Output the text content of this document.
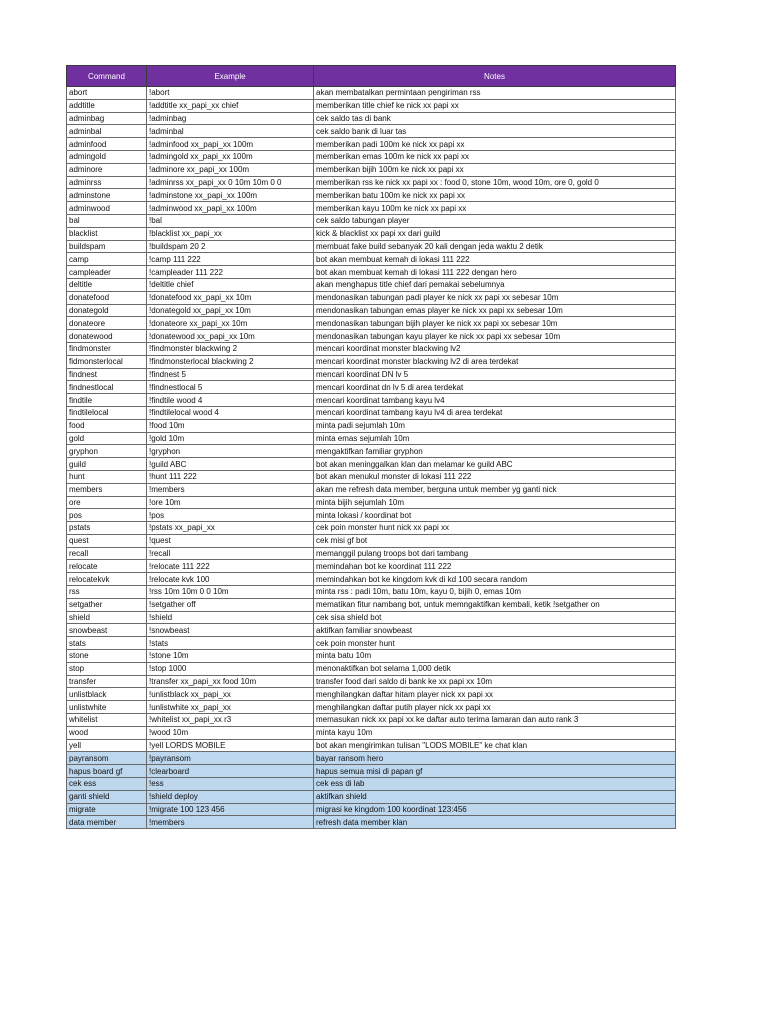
Command	Example	Notes
abort	!abort	akan membatalkan permintaan pengiriman rss
addtitle	!addtitle xx_papi_xx chief	memberikan title chief ke nick xx papi xx
adminbag	!adminbag	cek saldo tas di bank
adminbal	!adminbal	cek saldo bank di luar tas
adminfood	!adminfood xx_papi_xx 100m	memberikan padi 100m ke nick xx papi xx
admingold	!admingold xx_papi_xx 100m	memberikan emas 100m ke nick xx papi xx
adminore	!adminore xx_papi_xx 100m	memberikan bijih 100m ke nick xx papi xx
adminrss	!adminrss xx_papi_xx 0 10m 10m 0 0	memberikan rss ke nick xx papi xx : food 0, stone 10m, wood 10m, ore 0, gold 0
adminstone	!adminstone xx_papi_xx 100m	memberikan batu 100m ke nick xx papi xx
adminwood	!adminwood xx_papi_xx 100m	memberikan kayu 100m ke nick xx papi xx
bal	!bal	cek saldo tabungan player
blacklist	!blacklist xx_papi_xx	kick & blacklist xx papi xx dari guild
buildspam	!buildspam 20 2	membuat fake build sebanyak 20 kali dengan jeda waktu 2 detik
camp	!camp 111 222	bot akan membuat kemah di lokasi 111 222
campleader	!campleader 111 222	bot akan membuat kemah di lokasi 111 222 dengan hero
deltitle	!deltitle chief	akan menghapus title chief dari pemakai sebelumnya
donatefood	!donatefood xx_papi_xx 10m	mendonasikan tabungan padi player ke nick xx papi xx sebesar 10m
donategold	!donategold xx_papi_xx 10m	mendonasikan tabungan emas player ke nick xx papi xx sebesar 10m
donateore	!donateore xx_papi_xx 10m	mendonasikan tabungan bijih player ke nick xx papi xx sebesar 10m
donatewood	!donatewood xx_papi_xx 10m	mendonasikan tabungan kayu player ke nick xx papi xx sebesar 10m
findmonster	!findmonster blackwing 2	mencari koordinat monster blackwing lv2
fidmonsterlocal	!findmonsterlocal blackwing 2	mencari koordinat monster blackwing lv2 di area terdekat
findnest	!findnest 5	mencari koordinat DN lv 5
findnestlocal	!findnestlocal 5	mencari koordinat dn lv 5 di area terdekat
findtile	!findtile wood 4	mencari koordinat tambang kayu lv4
findtilelocal	!findtilelocal wood 4	mencari koordinat tambang kayu lv4 di area terdekat
food	!food 10m	minta padi sejumlah 10m
gold	!gold 10m	minta emas sejumlah 10m
gryphon	!gryphon	mengaktifkan familiar gryphon
guild	!guild ABC	bot akan meninggalkan klan dan melamar ke guild ABC
hunt	!hunt 111 222	bot akan menukul monster di lokasi 111 222
members	!members	akan me refresh data member, berguna untuk member yg ganti nick
ore	!ore 10m	minta bijih sejumlah 10m
pos	!pos	minta lokasi / koordinat bot
pstats	!pstats xx_papi_xx	cek poin monster hunt nick xx papi xx
quest	!quest	cek misi gf bot
recall	!recall	memanggil pulang troops bot dari tambang
relocate	!relocate 111 222	memindahan bot ke koordinat 111 222
relocatekvk	!relocate kvk 100	memindahkan bot ke kingdom kvk di kd 100 secara random
rss	!rss 10m 10m 0 0 10m	minta rss : padi 10m, batu 10m, kayu 0, bijih 0, emas 10m
setgather	!setgather off	mematikan fitur nambang bot, untuk memngaktifkan kembali, ketik !setgather on
shield	!shield	cek sisa shield bot
snowbeast	!snowbeast	aktifkan familiar snowbeast
stats	!stats	cek poin monster hunt
stone	!stone 10m	minta batu 10m
stop	!stop 1000	menonaktifkan bot selama 1,000 detik
transfer	!transfer xx_papi_xx food 10m	transfer food dari saldo di bank ke xx papi xx 10m
unlistblack	!unlistblack xx_papi_xx	menghilangkan daftar hitam player nick xx papi xx
unlistwhite	!unlistwhite xx_papi_xx	menghilangkan daftar putih player nick xx papi xx
whitelist	!whitelist xx_papi_xx r3	memasukan nick xx papi xx ke daftar auto terima lamaran dan auto rank 3
wood	!wood 10m	minta kayu 10m
yell	!yell LORDS MOBILE	bot akan mengirimkan tulisan "LODS MOBILE" ke chat klan
payransom	!payransom	bayar ransom hero
hapus board gf	!clearboard	hapus semua misi di papan gf
cek ess	!ess	cek ess di lab
ganti shield	!shield deploy	aktifkan shield
migrate	!migrate 100 123 456	migrasi ke kingdom 100 koordinat 123:456
data member	!members	refresh data member klan
